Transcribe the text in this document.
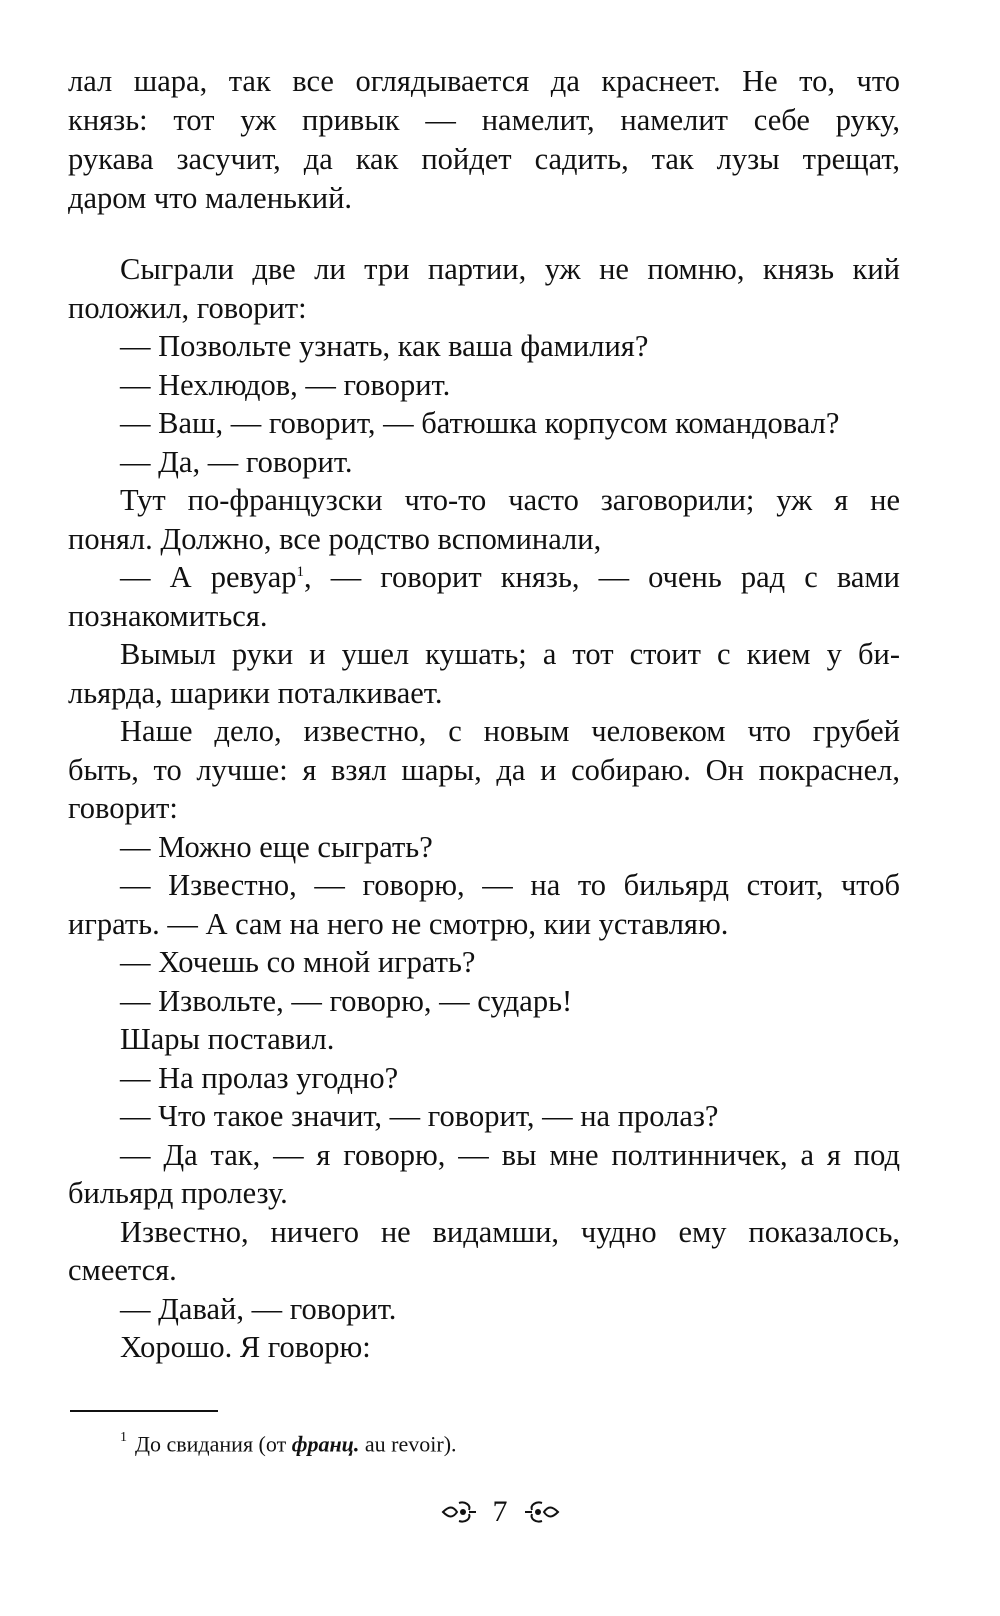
лал шара, так все оглядывается да краснеет. Не то, что
князь: тот уж привык — намелит, намелит себе руку,
рукава засучит, да как пойдет садить, так лузы трещат,
даром что маленький.
Сыграли две ли три партии, уж не помню, князь кий
положил, говорит:
— Позвольте узнать, как ваша фамилия?
— Нехлюдов, — говорит.
— Ваш, — говорит, — батюшка корпусом командовал?
— Да, — говорит.
Тут по-французски что-то часто заговорили; уж я не
понял. Должно, все родство вспоминали,
— А ревуар$^1$, — говорит князь, — очень рад с вами
познакомиться.
Вымыл руки и ушел кушать; а тот стоит с кием у би-
льярда, шарики поталкивает.
Наше дело, известно, с новым человеком что грубей
быть, то лучше: я взял шары, да и собираю. Он покраснел,
говорит:
— Можно еще сыграть?
— Известно, — говорю, — на то бильярд стоит, чтоб
играть. — А сам на него не смотрю, кии уставляю.
— Хочешь со мной играть?
— Извольте, — говорю, — сударь!
Шары поставил.
— На пролаз угодно?
— Что такое значит, — говорит, — на пролаз?
— Да так, — я говорю, — вы мне полтинничек, а я под
бильярд пролезу.
Известно, ничего не видамши, чудно ему показалось,
смеется.
— Давай, — говорит.
Хорошо. Я говорю:
$^1$ До свидания (от франц. au revoir).
7
